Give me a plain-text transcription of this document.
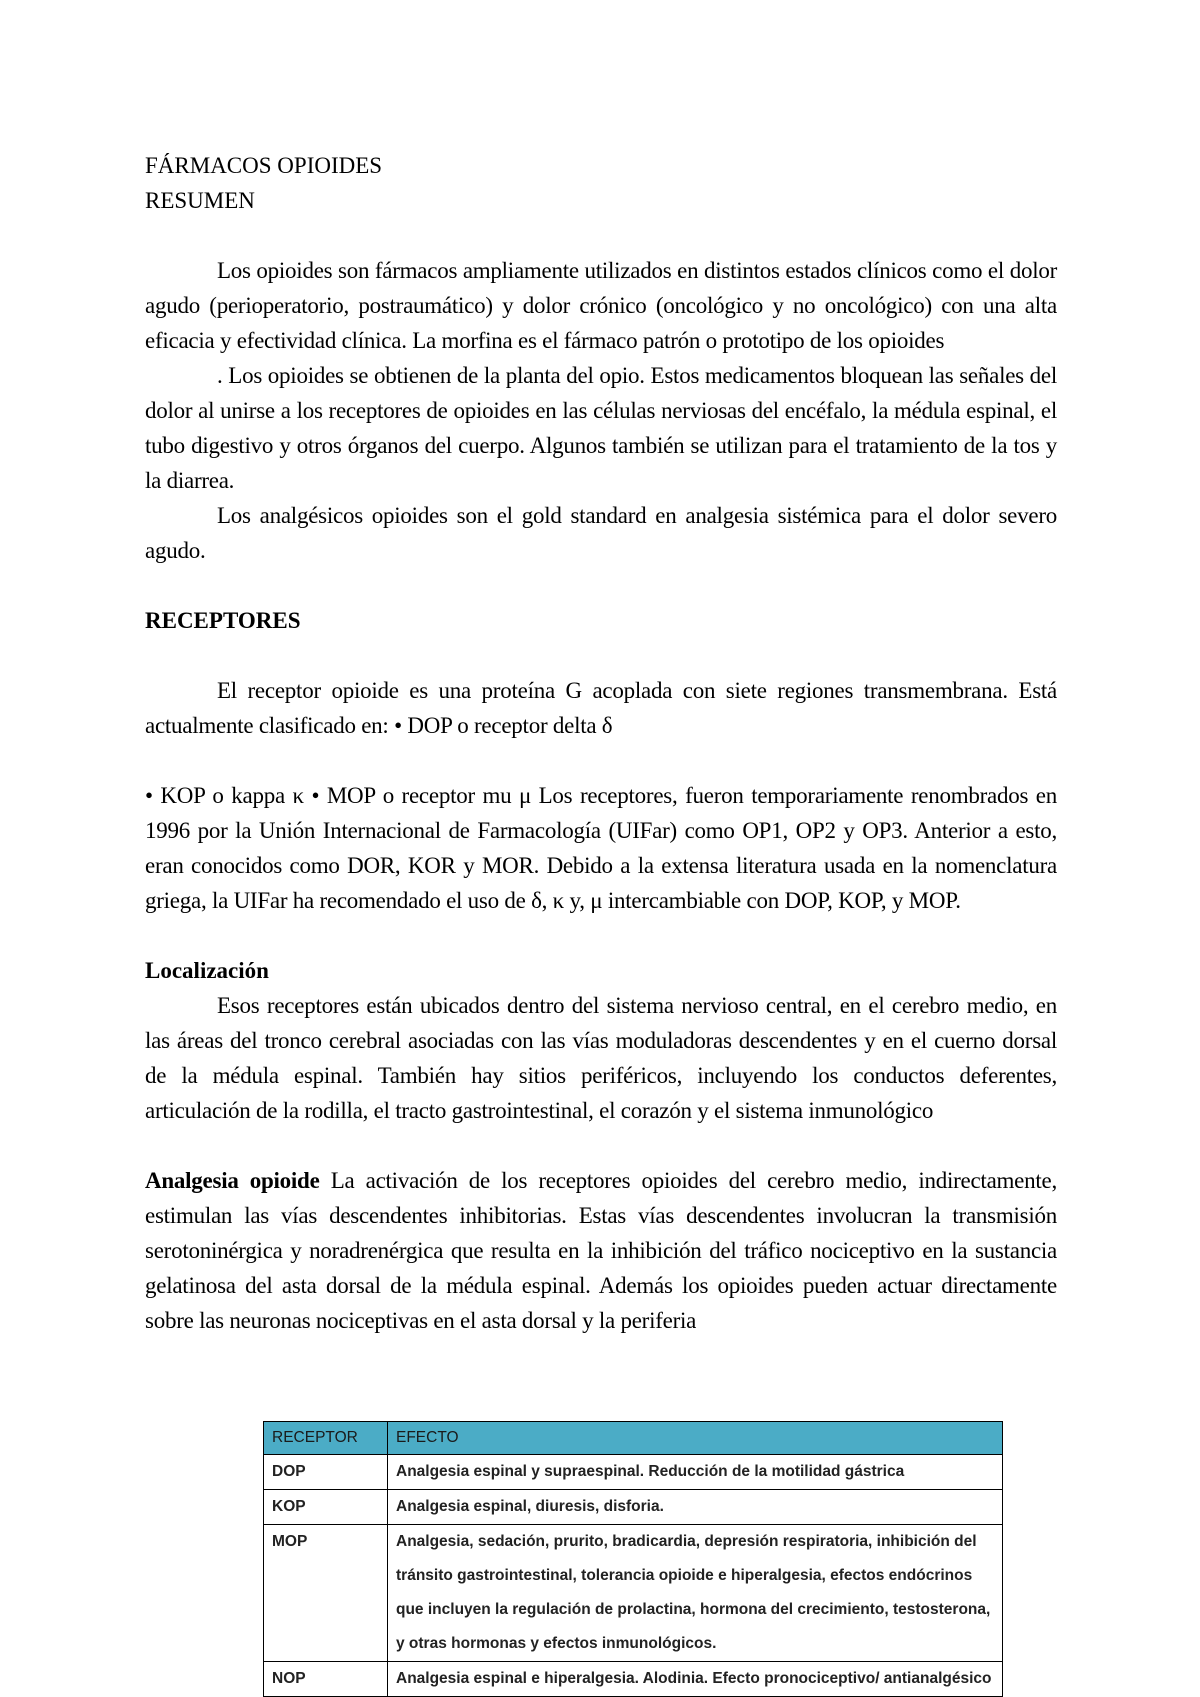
FÁRMACOS OPIOIDES

RESUMEN

Los opioides son fármacos ampliamente utilizados en distintos estados clínicos como el dolor agudo (perioperatorio, postraumático) y dolor crónico (oncológico y no oncológico) con una alta eficacia y efectividad clínica. La morfina es el fármaco patrón o prototipo de los opioides

. Los opioides se obtienen de la planta del opio. Estos medicamentos bloquean las señales del dolor al unirse a los receptores de opioides en las células nerviosas del encéfalo, la médula espinal, el tubo digestivo y otros órganos del cuerpo. Algunos también se utilizan para el tratamiento de la tos y la diarrea.

Los analgésicos opioides son el gold standard en analgesia sistémica para el dolor severo agudo.

RECEPTORES

El receptor opioide es una proteína G acoplada con siete regiones transmembrana. Está actualmente clasificado en: • DOP o receptor delta δ

• KOP o kappa κ • MOP o receptor mu μ Los receptores, fueron temporariamente renombrados en 1996 por la Unión Internacional de Farmacología (UIFar) como OP1, OP2 y OP3. Anterior a esto, eran conocidos como DOR, KOR y MOR. Debido a la extensa literatura usada en la nomenclatura griega, la UIFar ha recomendado el uso de δ, κ y, μ intercambiable con DOP, KOP, y MOP.

Localización

Esos receptores están ubicados dentro del sistema nervioso central, en el cerebro medio, en las áreas del tronco cerebral asociadas con las vías moduladoras descendentes y en el cuerno dorsal de la médula espinal. También hay sitios periféricos, incluyendo los conductos deferentes, articulación de la rodilla, el tracto gastrointestinal, el corazón y el sistema inmunológico

Analgesia opioide La activación de los receptores opioides del cerebro medio, indirectamente, estimulan las vías descendentes inhibitorias. Estas vías descendentes involucran la transmisión serotoninérgica y noradrenérgica que resulta en la inhibición del tráfico nociceptivo en la sustancia gelatinosa del asta dorsal de la médula espinal. Además los opioides pueden actuar directamente sobre las neuronas nociceptivas en el asta dorsal y la periferia

RECEPTOR	EFECTO
DOP	Analgesia espinal y supraespinal. Reducción de la motilidad gástrica
KOP	Analgesia espinal, diuresis, disforia.
MOP	Analgesia, sedación, prurito, bradicardia, depresión respiratoria, inhibición del tránsito gastrointestinal, tolerancia opioide e hiperalgesia, efectos endócrinos que incluyen la regulación de prolactina, hormona del crecimiento, testosterona, y otras hormonas y efectos inmunológicos.
NOP	Analgesia espinal e hiperalgesia. Alodinia. Efecto pronociceptivo/ antianalgésico
